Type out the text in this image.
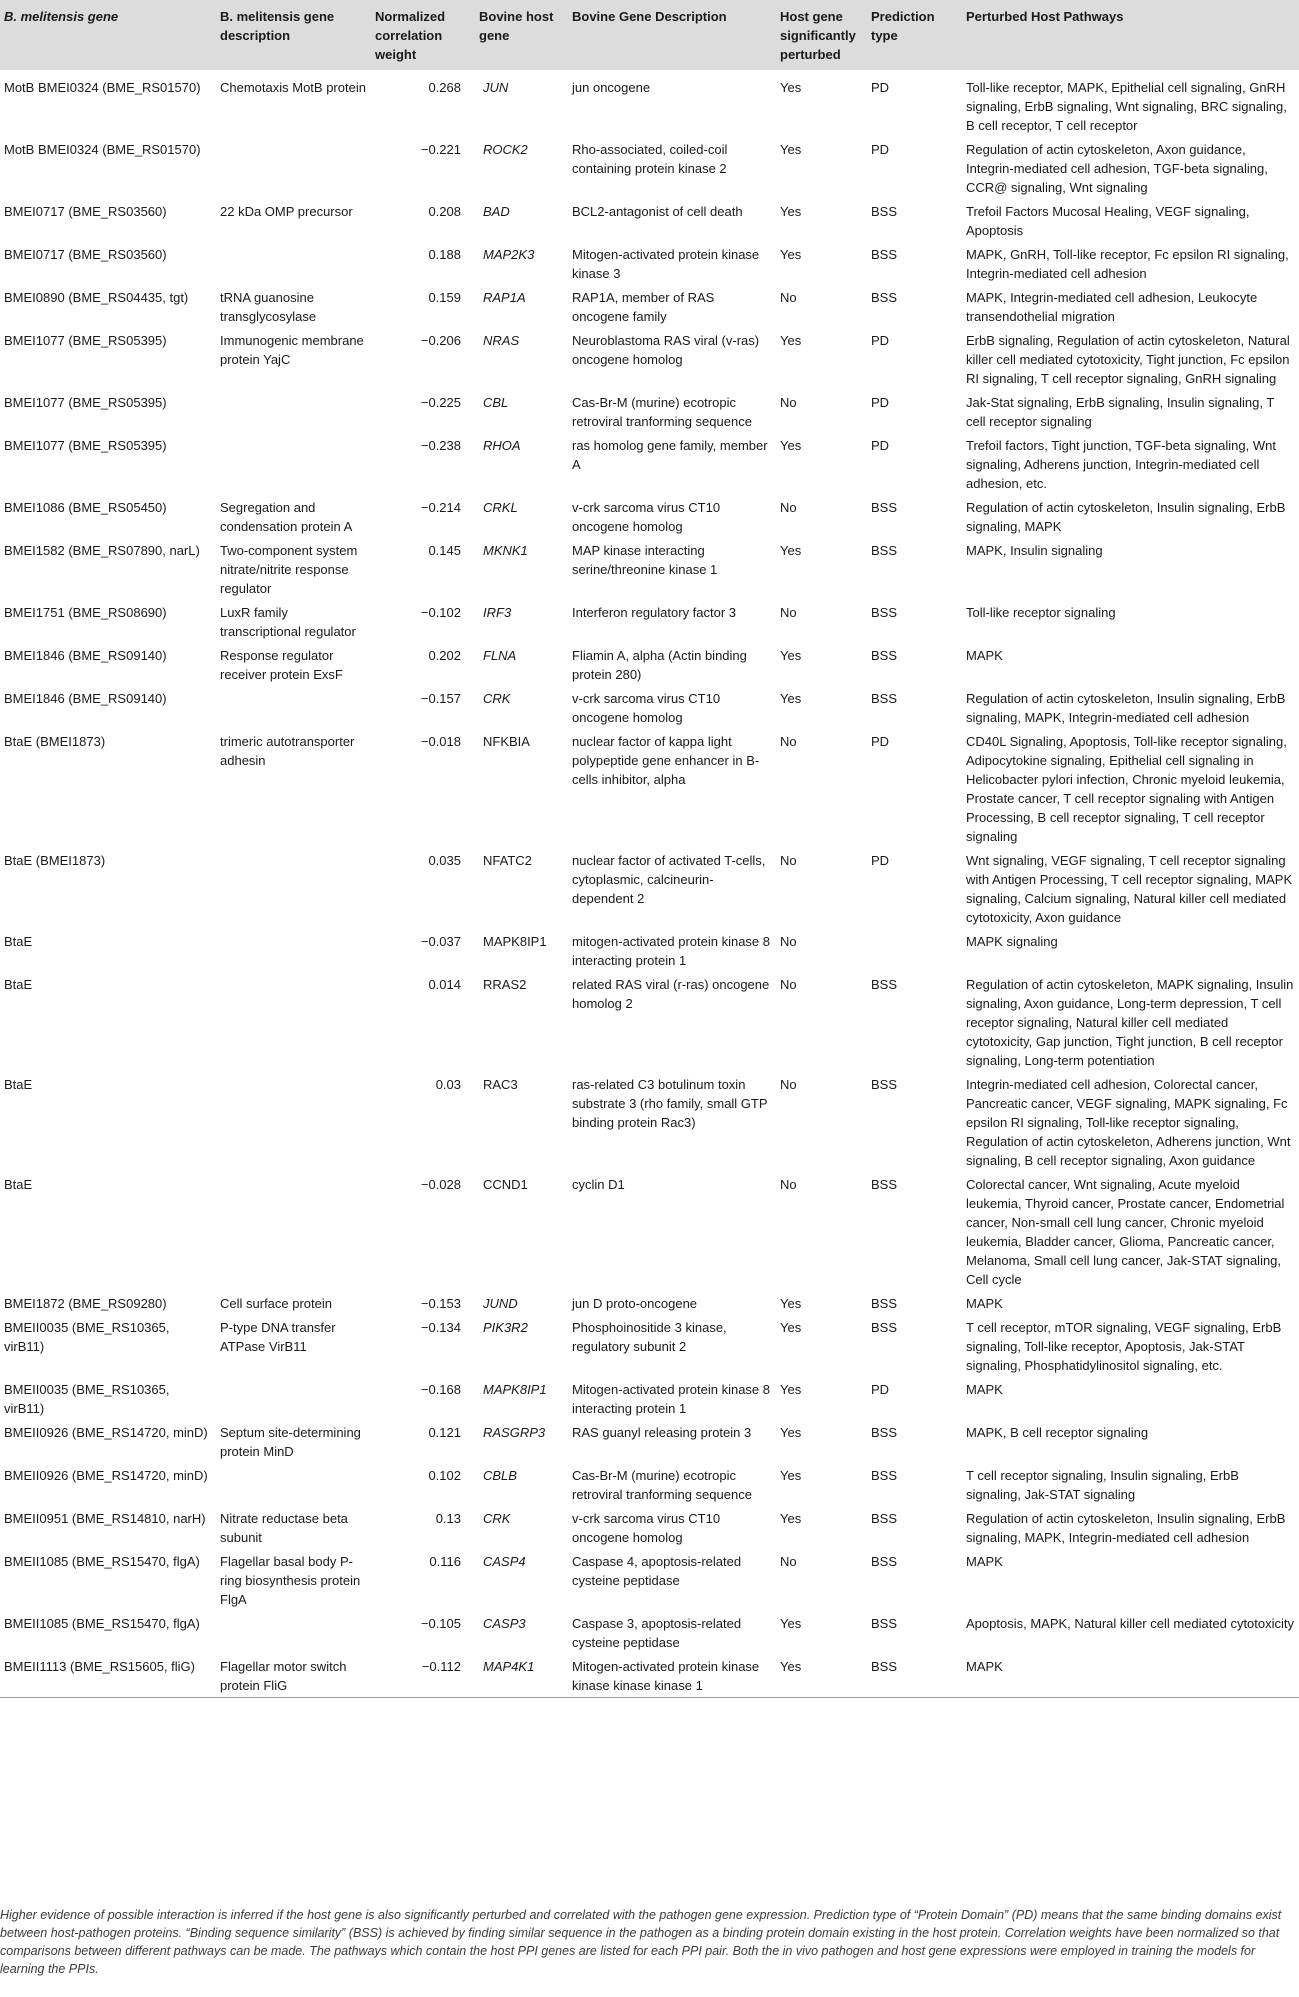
B. melitensis gene	B. melitensis gene description	Normalized correlation weight	Bovine host gene	Bovine Gene Description	Host gene significantly perturbed	Prediction type	Perturbed Host Pathways
MotB BMEI0324 (BME_RS01570)	Chemotaxis MotB protein	0.268	JUN	jun oncogene	Yes	PD	Toll-like receptor, MAPK, Epithelial cell signaling, GnRH signaling, ErbB signaling, Wnt signaling, BRC signaling, B cell receptor, T cell receptor
MotB BMEI0324 (BME_RS01570)		−0.221	ROCK2	Rho-associated, coiled-coil containing protein kinase 2	Yes	PD	Regulation of actin cytoskeleton, Axon guidance, Integrin-mediated cell adhesion, TGF-beta signaling, CCR@ signaling, Wnt signaling
BMEI0717 (BME_RS03560)	22 kDa OMP precursor	0.208	BAD	BCL2-antagonist of cell death	Yes	BSS	Trefoil Factors Mucosal Healing, VEGF signaling, Apoptosis
BMEI0717 (BME_RS03560)		0.188	MAP2K3	Mitogen-activated protein kinase kinase 3	Yes	BSS	MAPK, GnRH, Toll-like receptor, Fc epsilon RI signaling, Integrin-mediated cell adhesion
BMEI0890 (BME_RS04435, tgt)	tRNA guanosine transglycosylase	0.159	RAP1A	RAP1A, member of RAS oncogene family	No	BSS	MAPK, Integrin-mediated cell adhesion, Leukocyte transendothelial migration
BMEI1077 (BME_RS05395)	Immunogenic membrane protein YajC	−0.206	NRAS	Neuroblastoma RAS viral (v-ras) oncogene homolog	Yes	PD	ErbB signaling, Regulation of actin cytoskeleton, Natural killer cell mediated cytotoxicity, Tight junction, Fc epsilon RI signaling, T cell receptor signaling, GnRH signaling
BMEI1077 (BME_RS05395)		−0.225	CBL	Cas-Br-M (murine) ecotropic retroviral tranforming sequence	No	PD	Jak-Stat signaling, ErbB signaling, Insulin signaling, T cell receptor signaling
BMEI1077 (BME_RS05395)		−0.238	RHOA	ras homolog gene family, member A	Yes	PD	Trefoil factors, Tight junction, TGF-beta signaling, Wnt signaling, Adherens junction, Integrin-mediated cell adhesion, etc.
BMEI1086 (BME_RS05450)	Segregation and condensation protein A	−0.214	CRKL	v-crk sarcoma virus CT10 oncogene homolog	No	BSS	Regulation of actin cytoskeleton, Insulin signaling, ErbB signaling, MAPK
BMEI1582 (BME_RS07890, narL)	Two-component system nitrate/nitrite response regulator	0.145	MKNK1	MAP kinase interacting serine/threonine kinase 1	Yes	BSS	MAPK, Insulin signaling
BMEI1751 (BME_RS08690)	LuxR family transcriptional regulator	−0.102	IRF3	Interferon regulatory factor 3	No	BSS	Toll-like receptor signaling
BMEI1846 (BME_RS09140)	Response regulator receiver protein ExsF	0.202	FLNA	Fliamin A, alpha (Actin binding protein 280)	Yes	BSS	MAPK
BMEI1846 (BME_RS09140)		−0.157	CRK	v-crk sarcoma virus CT10 oncogene homolog	Yes	BSS	Regulation of actin cytoskeleton, Insulin signaling, ErbB signaling, MAPK, Integrin-mediated cell adhesion
BtaE (BMEI1873)	trimeric autotransporter adhesin	−0.018	NFKBIA	nuclear factor of kappa light polypeptide gene enhancer in B-cells inhibitor, alpha	No	PD	CD40L Signaling, Apoptosis, Toll-like receptor signaling, Adipocytokine signaling, Epithelial cell signaling in Helicobacter pylori infection, Chronic myeloid leukemia, Prostate cancer, T cell receptor signaling with Antigen Processing, B cell receptor signaling, T cell receptor signaling
BtaE (BMEI1873)		0.035	NFATC2	nuclear factor of activated T-cells, cytoplasmic, calcineurin-dependent 2	No	PD	Wnt signaling, VEGF signaling, T cell receptor signaling with Antigen Processing, T cell receptor signaling, MAPK signaling, Calcium signaling, Natural killer cell mediated cytotoxicity, Axon guidance
BtaE		−0.037	MAPK8IP1	mitogen-activated protein kinase 8 interacting protein 1	No		MAPK signaling
BtaE		0.014	RRAS2	related RAS viral (r-ras) oncogene homolog 2	No	BSS	Regulation of actin cytoskeleton, MAPK signaling, Insulin signaling, Axon guidance, Long-term depression, T cell receptor signaling, Natural killer cell mediated cytotoxicity, Gap junction, Tight junction, B cell receptor signaling, Long-term potentiation
BtaE		0.03	RAC3	ras-related C3 botulinum toxin substrate 3 (rho family, small GTP binding protein Rac3)	No	BSS	Integrin-mediated cell adhesion, Colorectal cancer, Pancreatic cancer, VEGF signaling, MAPK signaling, Fc epsilon RI signaling, Toll-like receptor signaling, Regulation of actin cytoskeleton, Adherens junction, Wnt signaling, B cell receptor signaling, Axon guidance
BtaE		−0.028	CCND1	cyclin D1	No	BSS	Colorectal cancer, Wnt signaling, Acute myeloid leukemia, Thyroid cancer, Prostate cancer, Endometrial cancer, Non-small cell lung cancer, Chronic myeloid leukemia, Bladder cancer, Glioma, Pancreatic cancer, Melanoma, Small cell lung cancer, Jak-STAT signaling, Cell cycle
BMEI1872 (BME_RS09280)	Cell surface protein	−0.153	JUND	jun D proto-oncogene	Yes	BSS	MAPK
BMEII0035 (BME_RS10365, virB11)	P-type DNA transfer ATPase VirB11	−0.134	PIK3R2	Phosphoinositide 3 kinase, regulatory subunit 2	Yes	BSS	T cell receptor, mTOR signaling, VEGF signaling, ErbB signaling, Toll-like receptor, Apoptosis, Jak-STAT signaling, Phosphatidylinositol signaling, etc.
BMEII0035 (BME_RS10365, virB11)		−0.168	MAPK8IP1	Mitogen-activated protein kinase 8 interacting protein 1	Yes	PD	MAPK
BMEII0926 (BME_RS14720, minD)	Septum site-determining protein MinD	0.121	RASGRP3	RAS guanyl releasing protein 3	Yes	BSS	MAPK, B cell receptor signaling
BMEII0926 (BME_RS14720, minD)		0.102	CBLB	Cas-Br-M (murine) ecotropic retroviral tranforming sequence	Yes	BSS	T cell receptor signaling, Insulin signaling, ErbB signaling, Jak-STAT signaling
BMEII0951 (BME_RS14810, narH)	Nitrate reductase beta subunit	0.13	CRK	v-crk sarcoma virus CT10 oncogene homolog	Yes	BSS	Regulation of actin cytoskeleton, Insulin signaling, ErbB signaling, MAPK, Integrin-mediated cell adhesion
BMEII1085 (BME_RS15470, flgA)	Flagellar basal body P-ring biosynthesis protein FlgA	0.116	CASP4	Caspase 4, apoptosis-related cysteine peptidase	No	BSS	MAPK
BMEII1085 (BME_RS15470, flgA)		−0.105	CASP3	Caspase 3, apoptosis-related cysteine peptidase	Yes	BSS	Apoptosis, MAPK, Natural killer cell mediated cytotoxicity
BMEII1113 (BME_RS15605, fliG)	Flagellar motor switch protein FliG	−0.112	MAP4K1	Mitogen-activated protein kinase kinase kinase kinase 1	Yes	BSS	MAPK

Higher evidence of possible interaction is inferred if the host gene is also significantly perturbed and correlated with the pathogen gene expression. Prediction type of “Protein Domain” (PD) means that the same binding domains exist between host-pathogen proteins. “Binding sequence similarity” (BSS) is achieved by finding similar sequence in the pathogen as a binding protein domain existing in the host protein. Correlation weights have been normalized so that comparisons between different pathways can be made. The pathways which contain the host PPI genes are listed for each PPI pair. Both the in vivo pathogen and host gene expressions were employed in training the models for learning the PPIs.
